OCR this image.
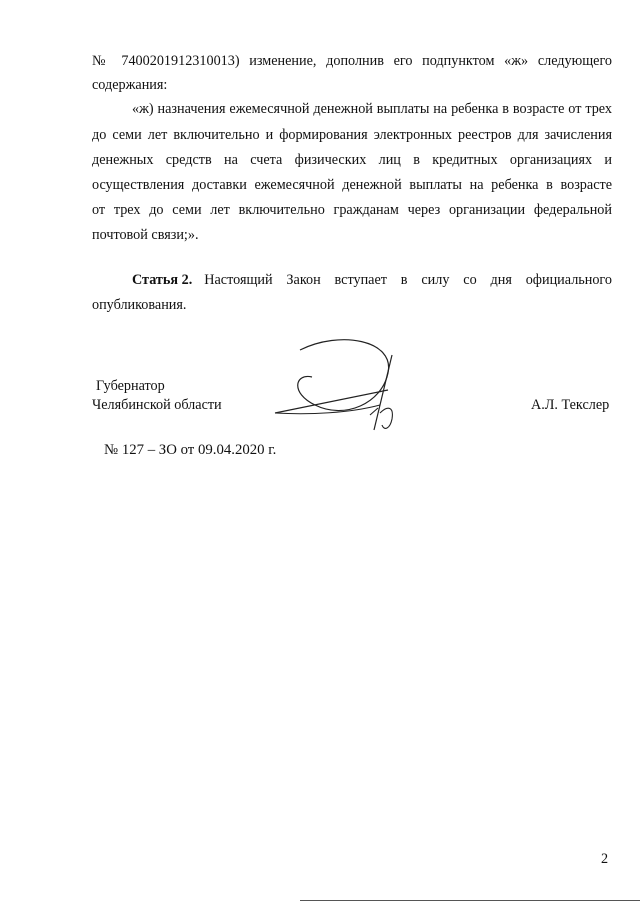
№ 7400201912310013) изменение, дополнив его подпунктом «ж» следующего
содержания:
«ж) назначения ежемесячной денежной выплаты на ребенка в возрасте от трех
до семи лет включительно и формирования электронных реестров для зачисления
денежных средств на счета физических лиц в кредитных организациях и
осуществления доставки ежемесячной денежной выплаты на ребенка в возрасте
от трех до семи лет включительно гражданам через организации федеральной
почтовой связи;».
Статья 2. Настоящий Закон вступает в силу со дня официального
опубликования.
Губернатор
Челябинской области	А.Л. Текслер
№ 127 – ЗО от 09.04.2020 г.
2
